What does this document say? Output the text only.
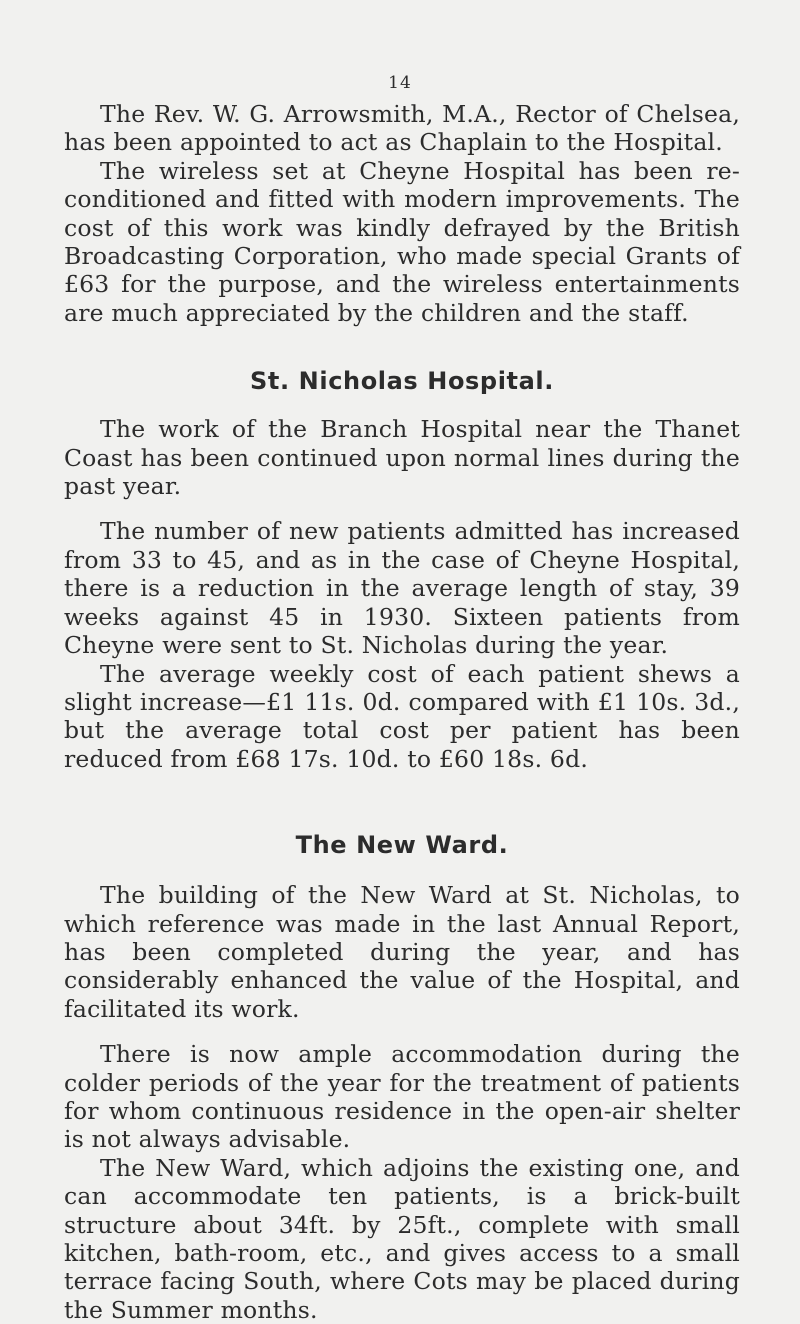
14

The Rev. W. G. Arrowsmith, M.A., Rector of Chelsea, has been appointed to act as Chaplain to the Hospital.

The wireless set at Cheyne Hospital has been re-conditioned and fitted with modern improvements. The cost of this work was kindly defrayed by the British Broadcasting Corporation, who made special Grants of £63 for the purpose, and the wireless entertainments are much appreciated by the children and the staff.

St. Nicholas Hospital.

The work of the Branch Hospital near the Thanet Coast has been continued upon normal lines during the past year.

The number of new patients admitted has increased from 33 to 45, and as in the case of Cheyne Hospital, there is a reduction in the average length of stay, 39 weeks against 45 in 1930. Sixteen patients from Cheyne were sent to St. Nicholas during the year.

The average weekly cost of each patient shews a slight increase—£1 11s. 0d. compared with £1 10s. 3d., but the average total cost per patient has been reduced from £68 17s. 10d. to £60 18s. 6d.

The New Ward.

The building of the New Ward at St. Nicholas, to which reference was made in the last Annual Report, has been completed during the year, and has considerably enhanced the value of the Hospital, and facilitated its work.

There is now ample accommodation during the colder periods of the year for the treatment of patients for whom continuous residence in the open-air shelter is not always advisable.

The New Ward, which adjoins the existing one, and can accommodate ten patients, is a brick-built structure about 34ft. by 25ft., complete with small kitchen, bath-room, etc., and gives access to a small terrace facing South, where Cots may be placed during the Summer months.
